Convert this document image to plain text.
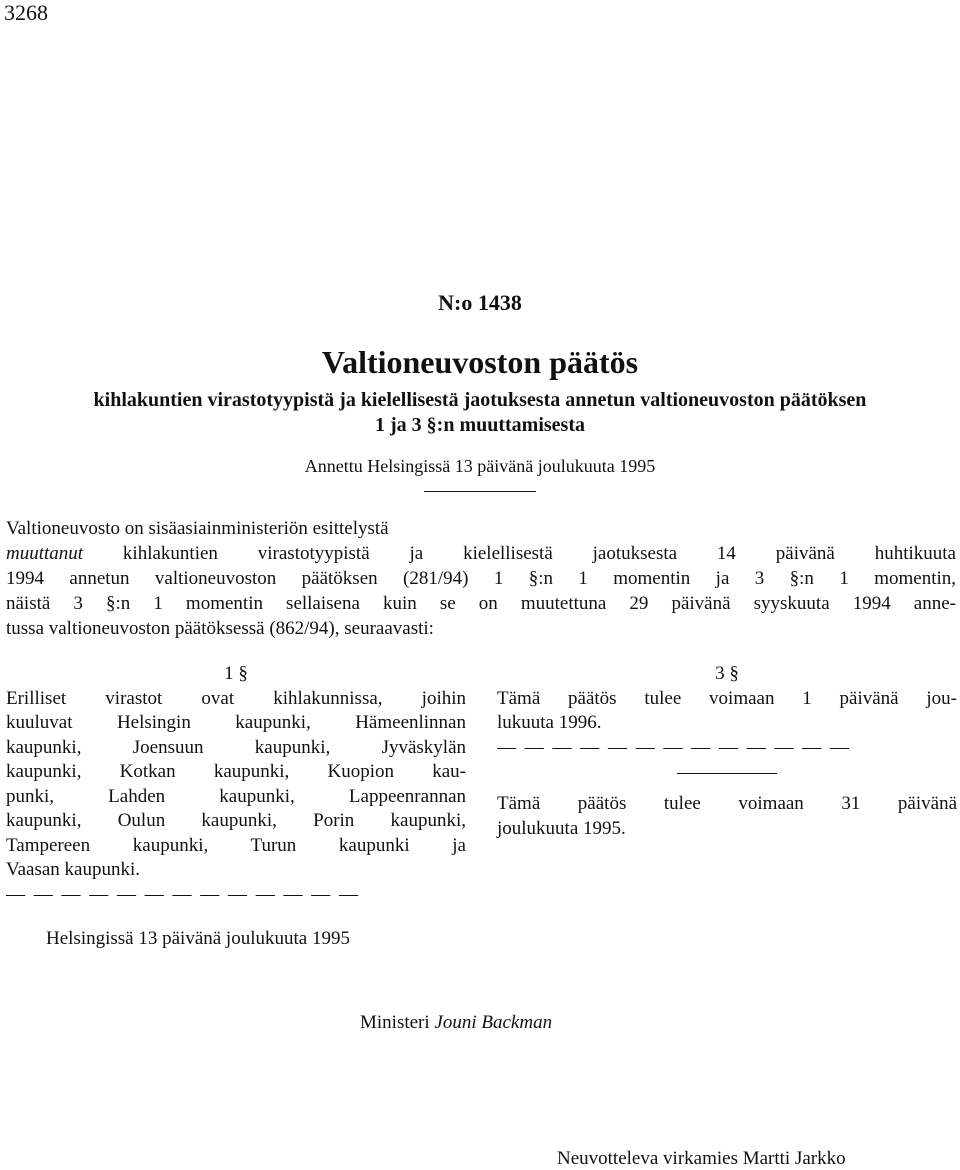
3268
N:o 1438
Valtioneuvoston päätös
kihlakuntien virastotyypistä ja kielellisestä jaotuksesta annetun valtioneuvoston päätöksen
1 ja 3 §:n muuttamisesta
Annettu Helsingissä 13 päivänä joulukuuta 1995
Valtioneuvosto on sisäasiainministeriön esittelystä
muuttanut kihlakuntien virastotyypistä ja kielellisestä jaotuksesta 14 päivänä huhtikuuta
1994 annetun valtioneuvoston päätöksen (281/94) 1 §:n 1 momentin ja 3 §:n 1 momentin,
näistä 3 §:n 1 momentin sellaisena kuin se on muutettuna 29 päivänä syyskuuta 1994 anne-
tussa valtioneuvoston päätöksessä (862/94), seuraavasti:
1 §
Erilliset virastot ovat kihlakunnissa, joihin
kuuluvat Helsingin kaupunki, Hämeenlinnan
kaupunki, Joensuun kaupunki, Jyväskylän
kaupunki, Kotkan kaupunki, Kuopion kau-
punki, Lahden kaupunki, Lappeenrannan
kaupunki, Oulun kaupunki, Porin kaupunki,
Tampereen kaupunki, Turun kaupunki ja
Vaasan kaupunki.
— — — — — — — — — — — — —
3 §
Tämä päätös tulee voimaan 1 päivänä jou-
lukuuta 1996.
— — — — — — — — — — — — —
Tämä päätös tulee voimaan 31 päivänä
joulukuuta 1995.
Helsingissä 13 päivänä joulukuuta 1995
Ministeri Jouni Backman
Neuvotteleva virkamies Martti Jarkko
